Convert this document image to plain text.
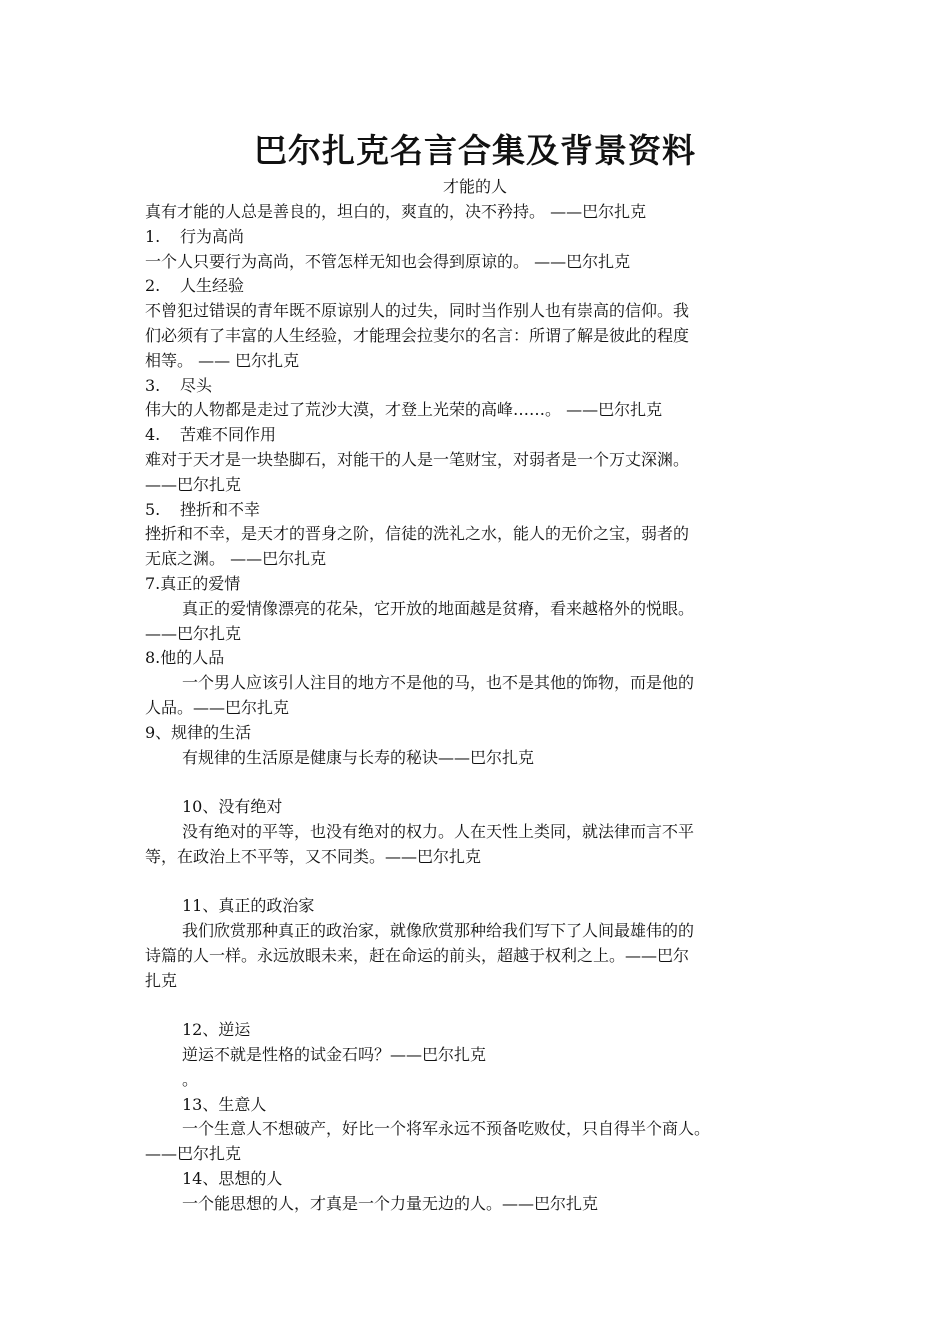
巴尔扎克名言合集及背景资料
才能的人

真有才能的人总是善良的，坦白的，爽直的，决不矜持。 ——巴尔扎克

1. 行为高尚

一个人只要行为高尚，不管怎样无知也会得到原谅的。 ——巴尔扎克

2. 人生经验

不曾犯过错误的青年既不原谅别人的过失，同时当作别人也有崇高的信仰。我

们必须有了丰富的人生经验，才能理会拉斐尔的名言：所谓了解是彼此的程度

相等。 —— 巴尔扎克

3. 尽头

伟大的人物都是走过了荒沙大漠，才登上光荣的高峰……。 ——巴尔扎克

4. 苦难不同作用

难对于天才是一块垫脚石，对能干的人是一笔财宝，对弱者是一个万丈深渊。

——巴尔扎克

5. 挫折和不幸

挫折和不幸，是天才的晋身之阶，信徒的洗礼之水，能人的无价之宝，弱者的

无底之渊。 ——巴尔扎克

7.真正的爱情

真正的爱情像漂亮的花朵，它开放的地面越是贫瘠，看来越格外的悦眼。

——巴尔扎克

8.他的人品

一个男人应该引人注目的地方不是他的马，也不是其他的饰物，而是他的

人品。——巴尔扎克

9、规律的生活

有规律的生活原是健康与长寿的秘诀——巴尔扎克

10、没有绝对

没有绝对的平等，也没有绝对的权力。人在天性上类同，就法律而言不平

等，在政治上不平等，又不同类。——巴尔扎克

11、真正的政治家

我们欣赏那种真正的政治家，就像欣赏那种给我们写下了人间最雄伟的的

诗篇的人一样。永远放眼未来，赶在命运的前头，超越于权利之上。——巴尔

扎克

12、逆运

逆运不就是性格的试金石吗？——巴尔扎克

。

13、生意人

一个生意人不想破产，好比一个将军永远不预备吃败仗，只自得半个商人。

——巴尔扎克

14、思想的人

一个能思想的人，才真是一个力量无边的人。——巴尔扎克
